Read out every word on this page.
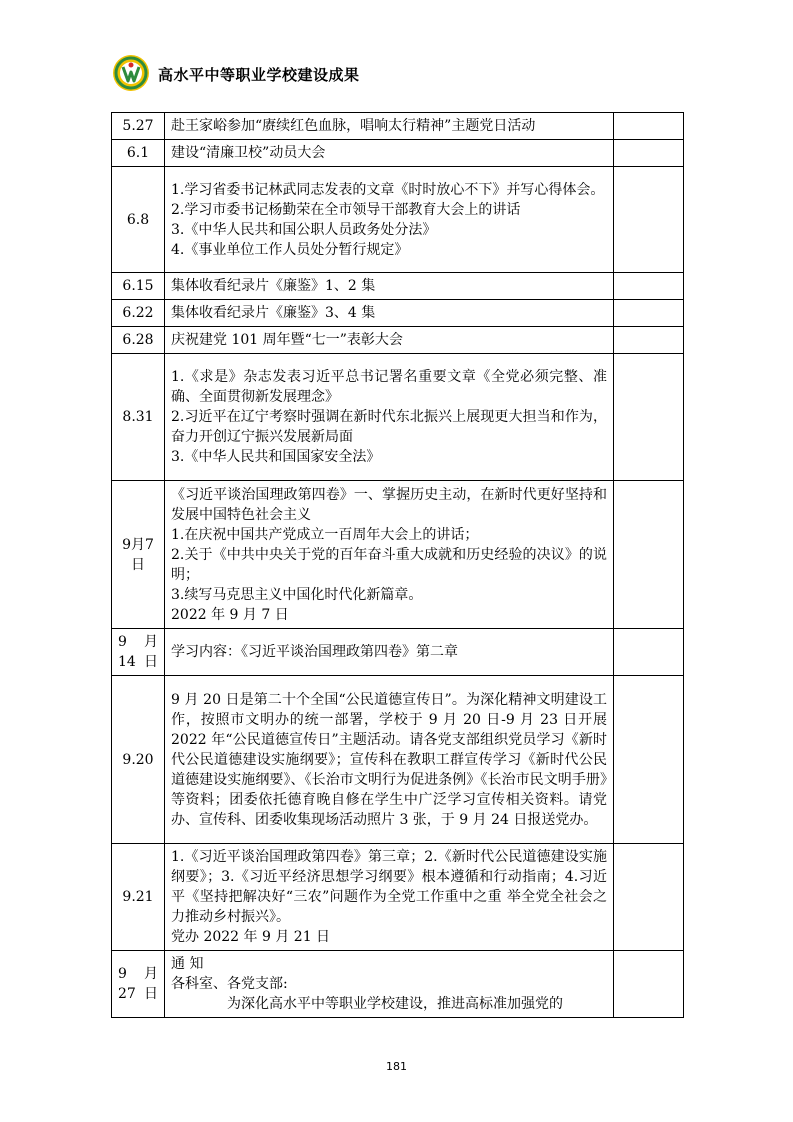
高水平中等职业学校建设成果
5.27	赴王家峪参加“赓续红色血脉，唱响太行精神”主题党日活动	

6.1	建设“清廉卫校”动员大会	

6.8	1.学习省委书记林武同志发表的文章《时时放心不下》并写心得体会。
2.学习市委书记杨勤荣在全市领导干部教育大会上的讲话
3.《中华人民共和国公职人员政务处分法》
4.《事业单位工作人员处分暂行规定》	

6.15	集体收看纪录片《廉鉴》1、2 集	

6.22	集体收看纪录片《廉鉴》3、4 集	

6.28	庆祝建党 101 周年暨“七一”表彰大会	

8.31	1.《求是》杂志发表习近平总书记署名重要文章《全党必须完整、准确、全面贯彻新发展理念》
2.习近平在辽宁考察时强调在新时代东北振兴上展现更大担当和作为，奋力开创辽宁振兴发展新局面
3.《中华人民共和国国家安全法》	

9月7日	《习近平谈治国理政第四卷》一、掌握历史主动，在新时代更好坚持和发展中国特色社会主义
1.在庆祝中国共产党成立一百周年大会上的讲话；
2.关于《中共中央关于党的百年奋斗重大成就和历史经验的决议》的说明；
3.续写马克思主义中国化时代化新篇章。
2022 年 9 月 7 日	

9 月 14日	学习内容：《习近平谈治国理政第四卷》第二章	

9.20	9 月 20 日是第二十个全国“公民道德宣传日”。为深化精神文明建设工作，按照市文明办的统一部署，学校于 9 月 20 日-9 月 23 日开展 2022 年“公民道德宣传日”主题活动。请各党支部组织党员学习《新时代公民道德建设实施纲要》；宣传科在教职工群宣传学习《新时代公民道德建设实施纲要》、《长治市文明行为促进条例》《长治市民文明手册》等资料；团委依托德育晚自修在学生中广泛学习宣传相关资料。请党办、宣传科、团委收集现场活动照片 3 张，于 9 月 24 日报送党办。	

9.21	1.《习近平谈治国理政第四卷》第三章；2.《新时代公民道德建设实施纲要》；3.《习近平经济思想学习纲要》根本遵循和行动指南；4.习近平《坚持把解决好“三农”问题作为全党工作重中之重 举全党全社会之力推动乡村振兴》。
党办 2022 年 9 月 21 日	

9 月 27日	通 知
各科室、各党支部:
为深化高水平中等职业学校建设，推进高标准加强党的	

181
